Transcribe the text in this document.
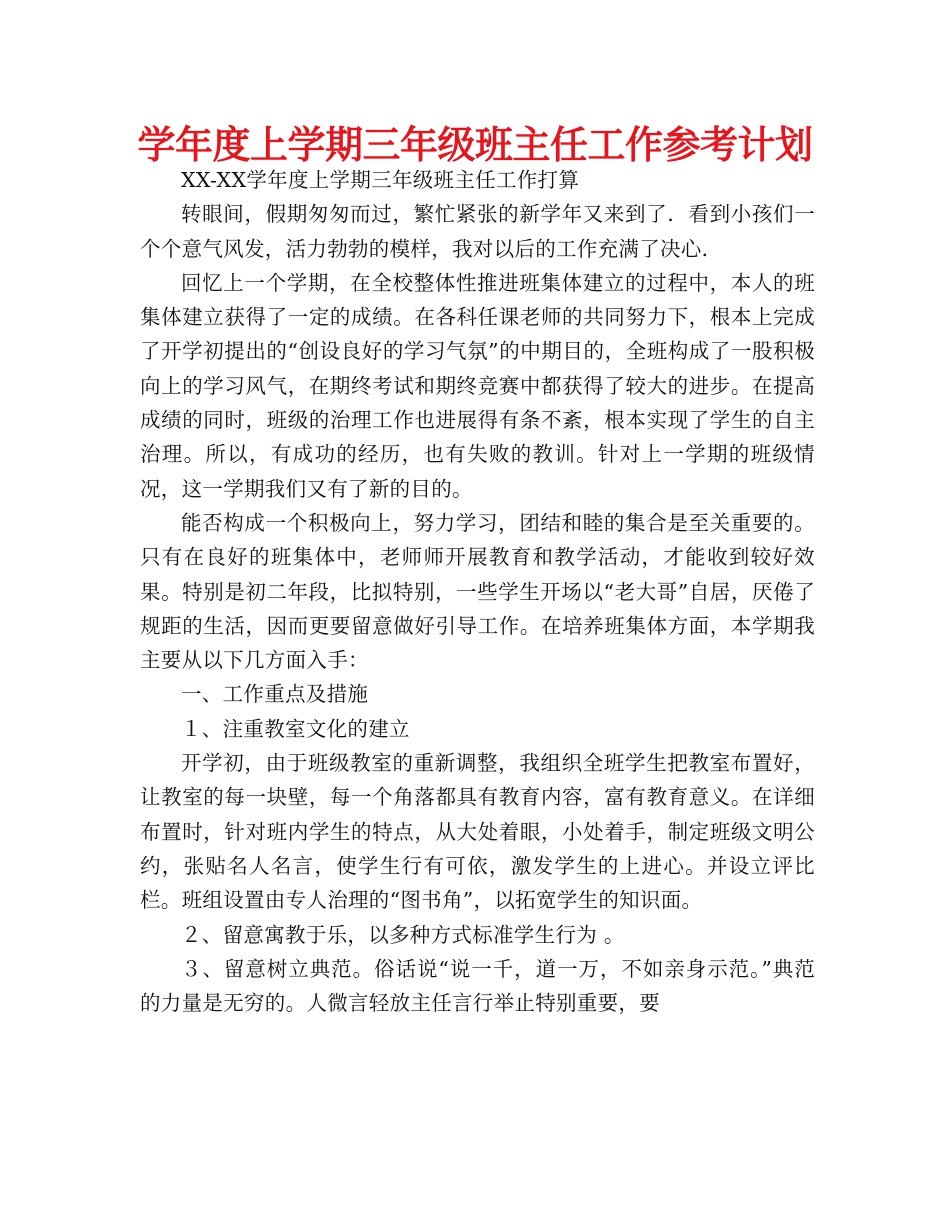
学年度上学期三年级班主任工作参考计划

XX-XX学年度上学期三年级班主任工作打算

转眼间，假期匆匆而过，繁忙紧张的新学年又来到了．看到小孩们一个个意气风发，活力勃勃的模样，我对以后的工作充满了决心．

回忆上一个学期，在全校整体性推进班集体建立的过程中，本人的班集体建立获得了一定的成绩。在各科任课老师的共同努力下，根本上完成了开学初提出的“创设良好的学习气氛”的中期目的，全班构成了一股积极向上的学习风气，在期终考试和期终竞赛中都获得了较大的进步。在提高成绩的同时，班级的治理工作也进展得有条不紊，根本实现了学生的自主治理。所以，有成功的经历，也有失败的教训。针对上一学期的班级情况，这一学期我们又有了新的目的。

能否构成一个积极向上，努力学习，团结和睦的集合是至关重要的。只有在良好的班集体中，老师师开展教育和教学活动，才能收到较好效果。特别是初二年段，比拟特别，一些学生开场以“老大哥”自居，厌倦了规距的生活，因而更要留意做好引导工作。在培养班集体方面，本学期我主要从以下几方面入手：

一、工作重点及措施

１、注重教室文化的建立

开学初，由于班级教室的重新调整，我组织全班学生把教室布置好，让教室的每一块壁，每一个角落都具有教育内容，富有教育意义。在详细布置时，针对班内学生的特点，从大处着眼，小处着手，制定班级文明公约，张贴名人名言，使学生行有可依，激发学生的上进心。并设立评比栏。班组设置由专人治理的“图书角”，以拓宽学生的知识面。

２、留意寓教于乐，以多种方式标准学生行为 。

３、留意树立典范。俗话说“说一千，道一万，不如亲身示范。”典范的力量是无穷的。人微言轻放主任言行举止特别重要，要
